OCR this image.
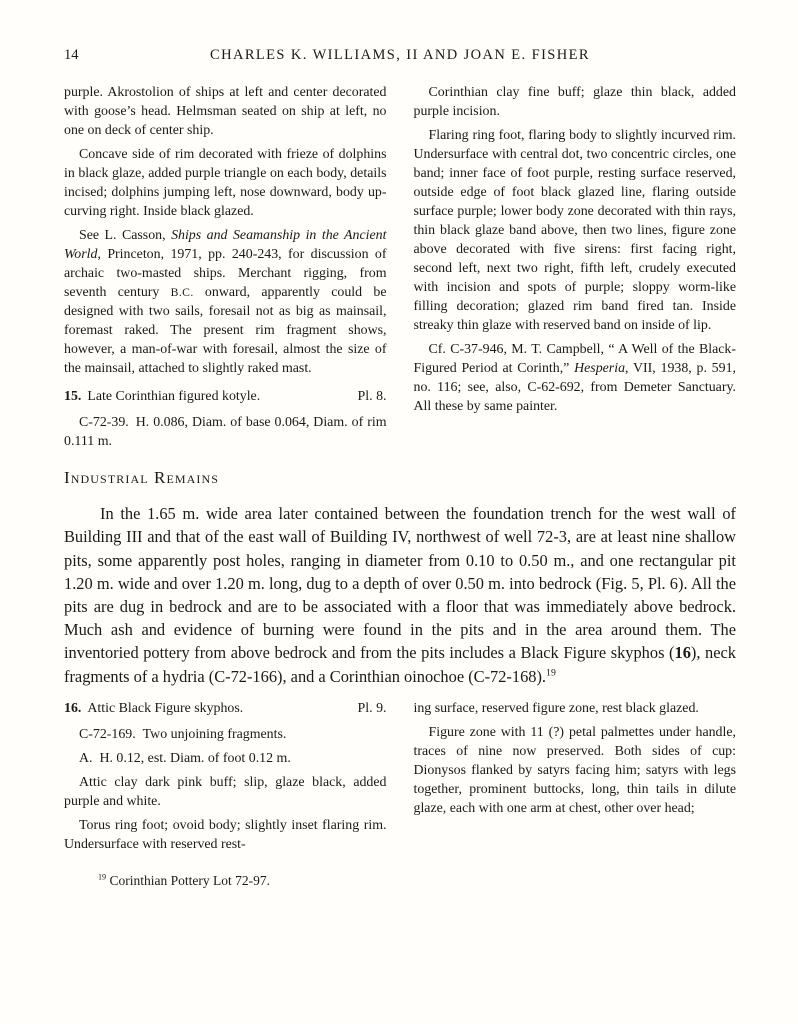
14	CHARLES K. WILLIAMS, II AND JOAN E. FISHER

purple. Akrostolion of ships at left and center decorated with goose’s head. Helmsman seated on ship at left, no one on deck of center ship.

Concave side of rim decorated with frieze of dolphins in black glaze, added purple triangle on each body, details incised; dolphins jumping left, nose downward, body up-curving right. Inside black glazed.

See L. Casson, Ships and Seamanship in the Ancient World, Princeton, 1971, pp. 240-243, for discussion of archaic two-masted ships. Merchant rigging, from seventh century B.C. onward, apparently could be designed with two sails, foresail not as big as mainsail, foremast raked. The present rim fragment shows, however, a man-of-war with foresail, almost the size of the mainsail, attached to slightly raked mast.

15. Late Corinthian figured kotyle.	Pl. 8.

C-72-39. H. 0.086, Diam. of base 0.064, Diam. of rim 0.111 m.

Corinthian clay fine buff; glaze thin black, added purple incision.

Flaring ring foot, flaring body to slightly incurved rim. Undersurface with central dot, two concentric circles, one band; inner face of foot purple, resting surface reserved, outside edge of foot black glazed line, flaring outside surface purple; lower body zone decorated with thin rays, thin black glaze band above, then two lines, figure zone above decorated with five sirens: first facing right, second left, next two right, fifth left, crudely executed with incision and spots of purple; sloppy worm-like filling decoration; glazed rim band fired tan. Inside streaky thin glaze with reserved band on inside of lip.

Cf. C-37-946, M. T. Campbell, “ A Well of the Black-Figured Period at Corinth,” Hesperia, VII, 1938, p. 591, no. 116; see, also, C-62-692, from Demeter Sanctuary. All these by same painter.

Industrial Remains

In the 1.65 m. wide area later contained between the foundation trench for the west wall of Building III and that of the east wall of Building IV, northwest of well 72-3, are at least nine shallow pits, some apparently post holes, ranging in diameter from 0.10 to 0.50 m., and one rectangular pit 1.20 m. wide and over 1.20 m. long, dug to a depth of over 0.50 m. into bedrock (Fig. 5, Pl. 6). All the pits are dug in bedrock and are to be associated with a floor that was immediately above bedrock. Much ash and evidence of burning were found in the pits and in the area around them. The inventoried pottery from above bedrock and from the pits includes a Black Figure skyphos (16), neck fragments of a hydria (C-72-166), and a Corinthian oinochoe (C-72-168).$^{19}$

16. Attic Black Figure skyphos.	Pl. 9.

C-72-169. Two unjoining fragments.

A. H. 0.12, est. Diam. of foot 0.12 m.

Attic clay dark pink buff; slip, glaze black, added purple and white.

Torus ring foot; ovoid body; slightly inset flaring rim. Undersurface with reserved rest-

ing surface, reserved figure zone, rest black glazed.

Figure zone with 11 (?) petal palmettes under handle, traces of nine now preserved. Both sides of cup: Dionysos flanked by satyrs facing him; satyrs with legs together, prominent buttocks, long, thin tails in dilute glaze, each with one arm at chest, other over head;

$^{19}$ Corinthian Pottery Lot 72-97.
